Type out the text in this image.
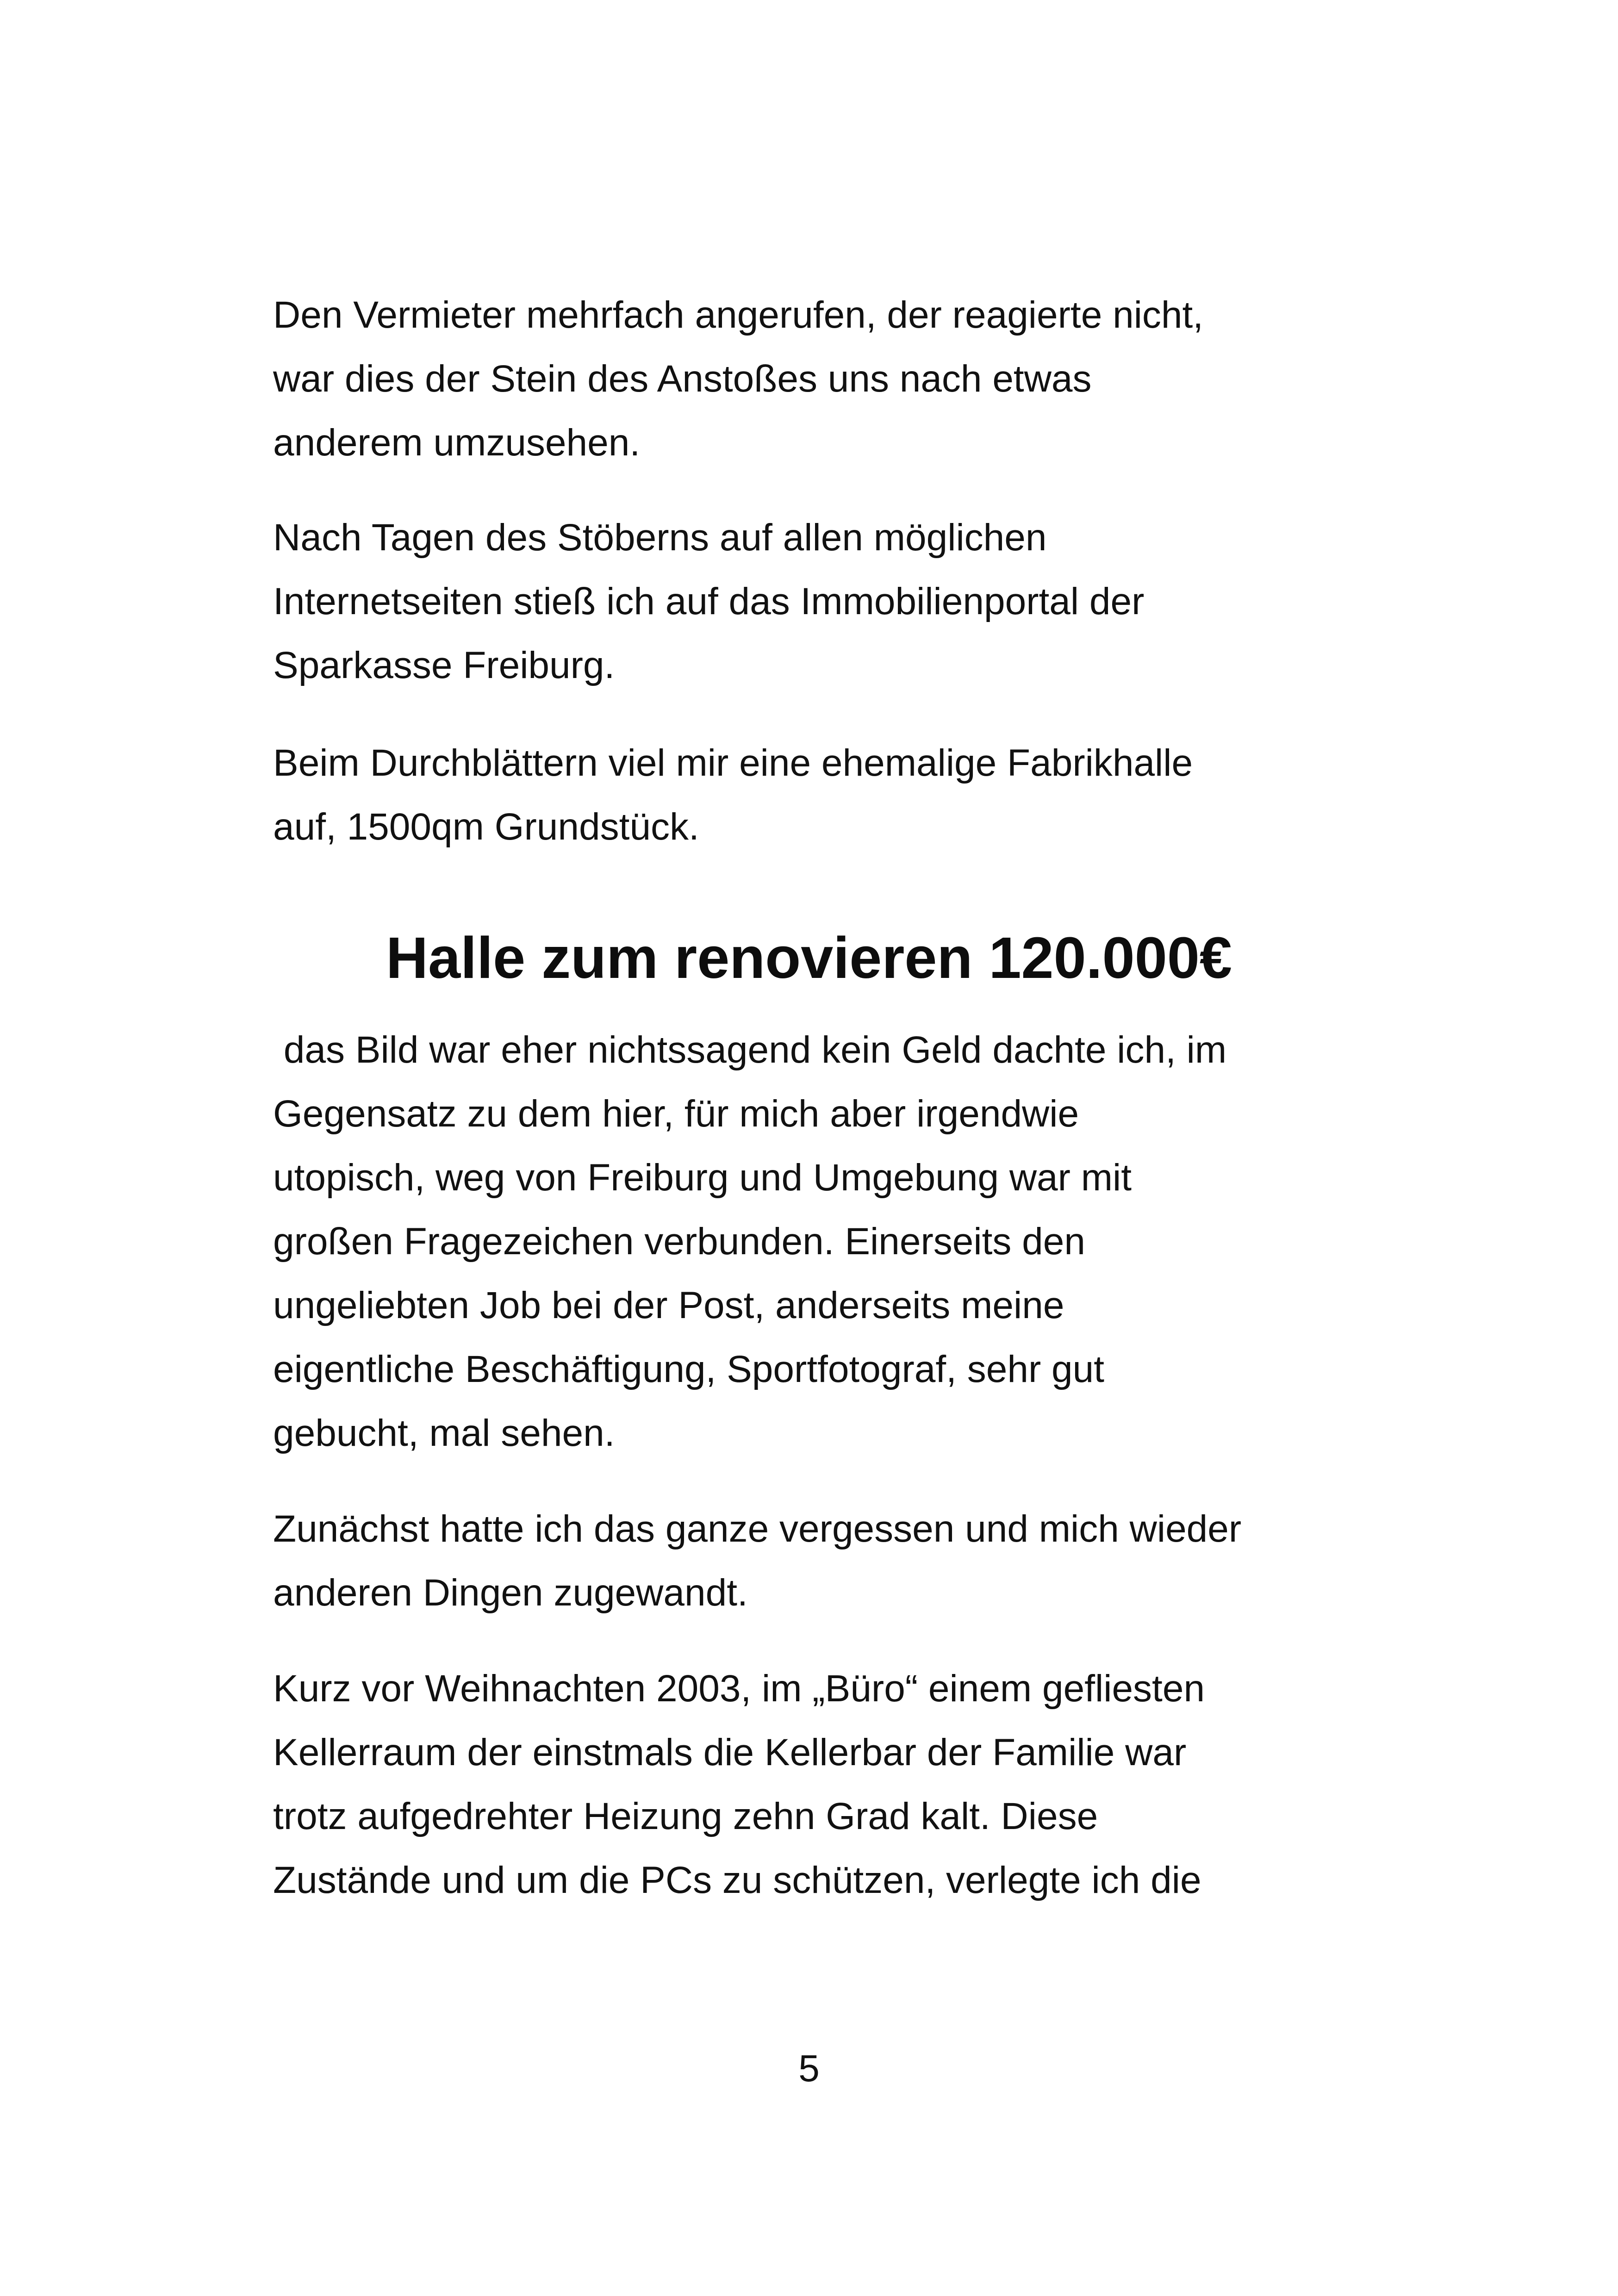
Den Vermieter mehrfach angerufen, der reagierte nicht,
war dies der Stein des Anstoßes uns nach etwas
anderem umzusehen.

Nach Tagen des Stöberns auf allen möglichen
Internetseiten stieß ich auf das Immobilienportal der
Sparkasse Freiburg.

Beim Durchblättern viel mir eine ehemalige Fabrikhalle
auf, 1500qm Grundstück.

Halle zum renovieren 120.000€

das Bild war eher nichtssagend kein Geld dachte ich, im
Gegensatz zu dem hier, für mich aber irgendwie
utopisch, weg von Freiburg und Umgebung war mit
großen Fragezeichen verbunden. Einerseits den
ungeliebten Job bei der Post, anderseits meine
eigentliche Beschäftigung, Sportfotograf, sehr gut
gebucht, mal sehen.

Zunächst hatte ich das ganze vergessen und mich wieder
anderen Dingen zugewandt.

Kurz vor Weihnachten 2003, im „Büro“ einem gefliesten
Kellerraum der einstmals die Kellerbar der Familie war
trotz aufgedrehter Heizung zehn Grad kalt. Diese
Zustände und um die PCs zu schützen, verlegte ich die

5
